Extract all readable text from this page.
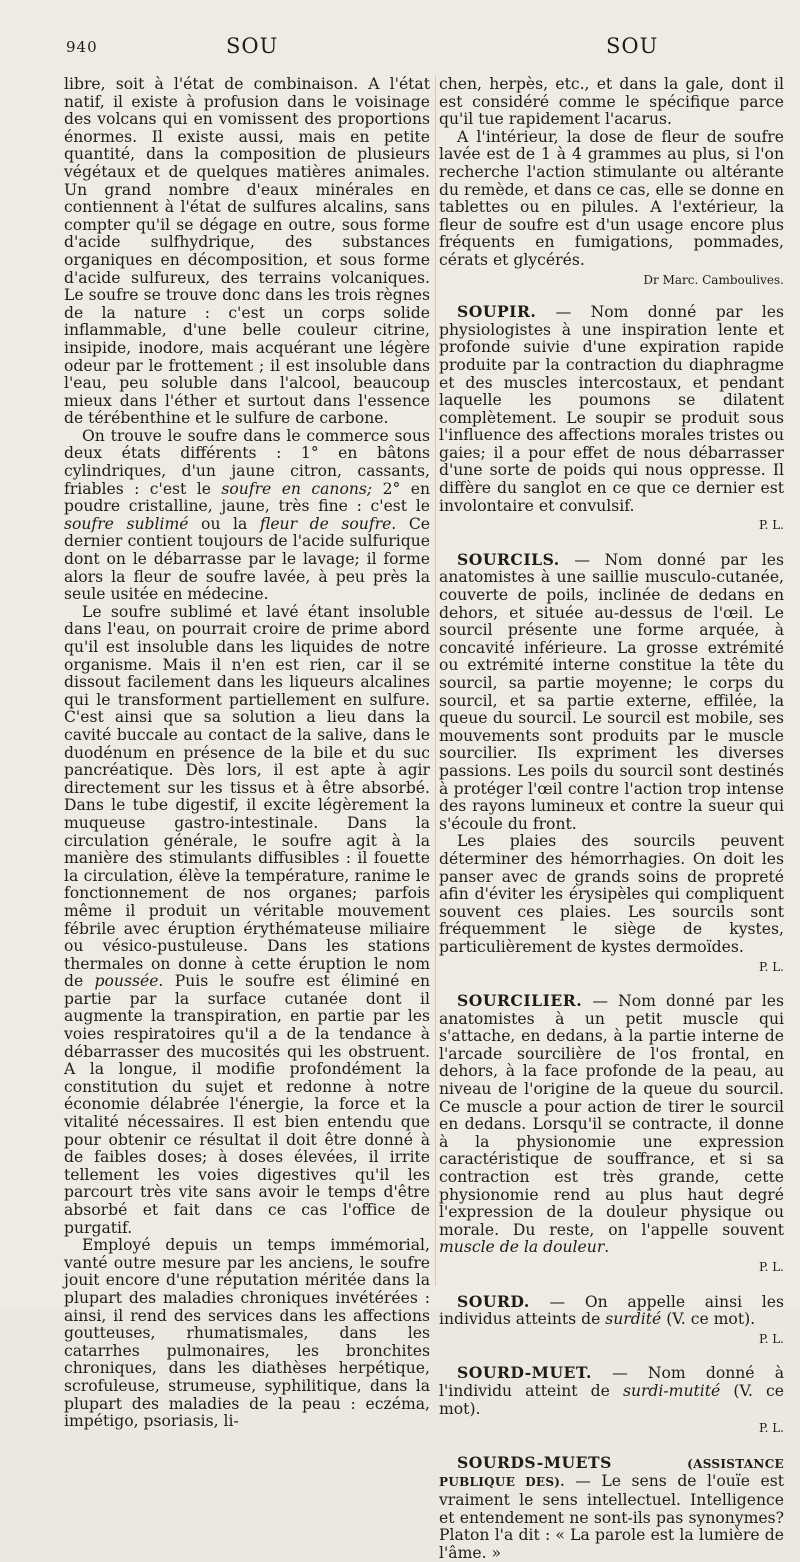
940	SOU	SOU

libre, soit à l'état de combinaison. A l'état natif, il existe à profusion dans le voisinage des volcans qui en vomissent des proportions énormes. Il existe aussi, mais en petite quantité, dans la composition de plusieurs végétaux et de quelques matières animales. Un grand nombre d'eaux minérales en contiennent à l'état de sulfures alcalins, sans compter qu'il se dégage en outre, sous forme d'acide sulfhydrique, des substances organiques en décomposition, et sous forme d'acide sulfureux, des terrains volcaniques. Le soufre se trouve donc dans les trois règnes de la nature : c'est un corps solide inflammable, d'une belle couleur citrine, insipide, inodore, mais acquérant une légère odeur par le frottement ; il est insoluble dans l'eau, peu soluble dans l'alcool, beaucoup mieux dans l'éther et surtout dans l'essence de térébenthine et le sulfure de carbone.

On trouve le soufre dans le commerce sous deux états différents : 1° en bâtons cylindriques, d'un jaune citron, cassants, friables : c'est le soufre en canons; 2° en poudre cristalline, jaune, très fine : c'est le soufre sublimé ou la fleur de soufre. Ce dernier contient toujours de l'acide sulfurique dont on le débarrasse par le lavage; il forme alors la fleur de soufre lavée, à peu près la seule usitée en médecine.

Le soufre sublimé et lavé étant insoluble dans l'eau, on pourrait croire de prime abord qu'il est insoluble dans les liquides de notre organisme. Mais il n'en est rien, car il se dissout facilement dans les liqueurs alcalines qui le transforment partiellement en sulfure. C'est ainsi que sa solution a lieu dans la cavité buccale au contact de la salive, dans le duodénum en présence de la bile et du suc pancréatique. Dès lors, il est apte à agir directement sur les tissus et à être absorbé. Dans le tube digestif, il excite légèrement la muqueuse gastro-intestinale. Dans la circulation générale, le soufre agit à la manière des stimulants diffusibles : il fouette la circulation, élève la température, ranime le fonctionnement de nos organes; parfois même il produit un véritable mouvement fébrile avec éruption érythémateuse miliaire ou vésico-pustuleuse. Dans les stations thermales on donne à cette éruption le nom de poussée. Puis le soufre est éliminé en partie par la surface cutanée dont il augmente la transpiration, en partie par les voies respiratoires qu'il a de la tendance à débarrasser des mucosités qui les obstruent. A la longue, il modifie profondément la constitution du sujet et redonne à notre économie délabrée l'énergie, la force et la vitalité nécessaires. Il est bien entendu que pour obtenir ce résultat il doit être donné à de faibles doses; à doses élevées, il irrite tellement les voies digestives qu'il les parcourt très vite sans avoir le temps d'être absorbé et fait dans ce cas l'office de purgatif.

Employé depuis un temps immémorial, vanté outre mesure par les anciens, le soufre jouit encore d'une réputation méritée dans la plupart des maladies chroniques invétérées : ainsi, il rend des services dans les affections goutteuses, rhumatismales, dans les catarrhes pulmonaires, les bronchites chroniques, dans les diathèses herpétique, scrofuleuse, strumeuse, syphilitique, dans la plupart des maladies de la peau : eczéma, impétigo, psoriasis, li-

chen, herpès, etc., et dans la gale, dont il est considéré comme le spécifique parce qu'il tue rapidement l'acarus.

A l'intérieur, la dose de fleur de soufre lavée est de 1 à 4 grammes au plus, si l'on recherche l'action stimulante ou altérante du remède, et dans ce cas, elle se donne en tablettes ou en pilules. A l'extérieur, la fleur de soufre est d'un usage encore plus fréquents en fumigations, pommades, cérats et glycérés.

Dr Marc. Camboulives.

SOUPIR. — Nom donné par les physiologistes à une inspiration lente et profonde suivie d'une expiration rapide produite par la contraction du diaphragme et des muscles intercostaux, et pendant laquelle les poumons se dilatent complètement. Le soupir se produit sous l'influence des affections morales tristes ou gaies; il a pour effet de nous débarrasser d'une sorte de poids qui nous oppresse. Il diffère du sanglot en ce que ce dernier est involontaire et convulsif.

P. L.

SOURCILS. — Nom donné par les anatomistes à une saillie musculo-cutanée, couverte de poils, inclinée de dedans en dehors, et située au-dessus de l'œil. Le sourcil présente une forme arquée, à concavité inférieure. La grosse extrémité ou extrémité interne constitue la tête du sourcil, sa partie moyenne; le corps du sourcil, et sa partie externe, effilée, la queue du sourcil. Le sourcil est mobile, ses mouvements sont produits par le muscle sourcilier. Ils expriment les diverses passions. Les poils du sourcil sont destinés à protéger l'œil contre l'action trop intense des rayons lumineux et contre la sueur qui s'écoule du front.

Les plaies des sourcils peuvent déterminer des hémorrhagies. On doit les panser avec de grands soins de propreté afin d'éviter les érysipèles qui compliquent souvent ces plaies. Les sourcils sont fréquemment le siège de kystes, particulièrement de kystes dermoïdes.

P. L.

SOURCILIER. — Nom donné par les anatomistes à un petit muscle qui s'attache, en dedans, à la partie interne de l'arcade sourcilière de l'os frontal, en dehors, à la face profonde de la peau, au niveau de l'origine de la queue du sourcil. Ce muscle a pour action de tirer le sourcil en dedans. Lorsqu'il se contracte, il donne à la physionomie une expression caractéristique de souffrance, et si sa contraction est très grande, cette physionomie rend au plus haut degré l'expression de la douleur physique ou morale. Du reste, on l'appelle souvent muscle de la douleur.

P. L.

SOURD. — On appelle ainsi les individus atteints de surdité (V. ce mot).

P. L.

SOURD-MUET. — Nom donné à l'individu atteint de surdi-mutité (V. ce mot).

P. L.

SOURDS-MUETS	(ASSISTANCE PUBLIQUE DES). — Le sens de l'ouïe est vraiment le sens intellectuel. Intelligence et entendement ne sont-ils pas synonymes? Platon l'a dit : « La parole est la lumière de l'âme. »
